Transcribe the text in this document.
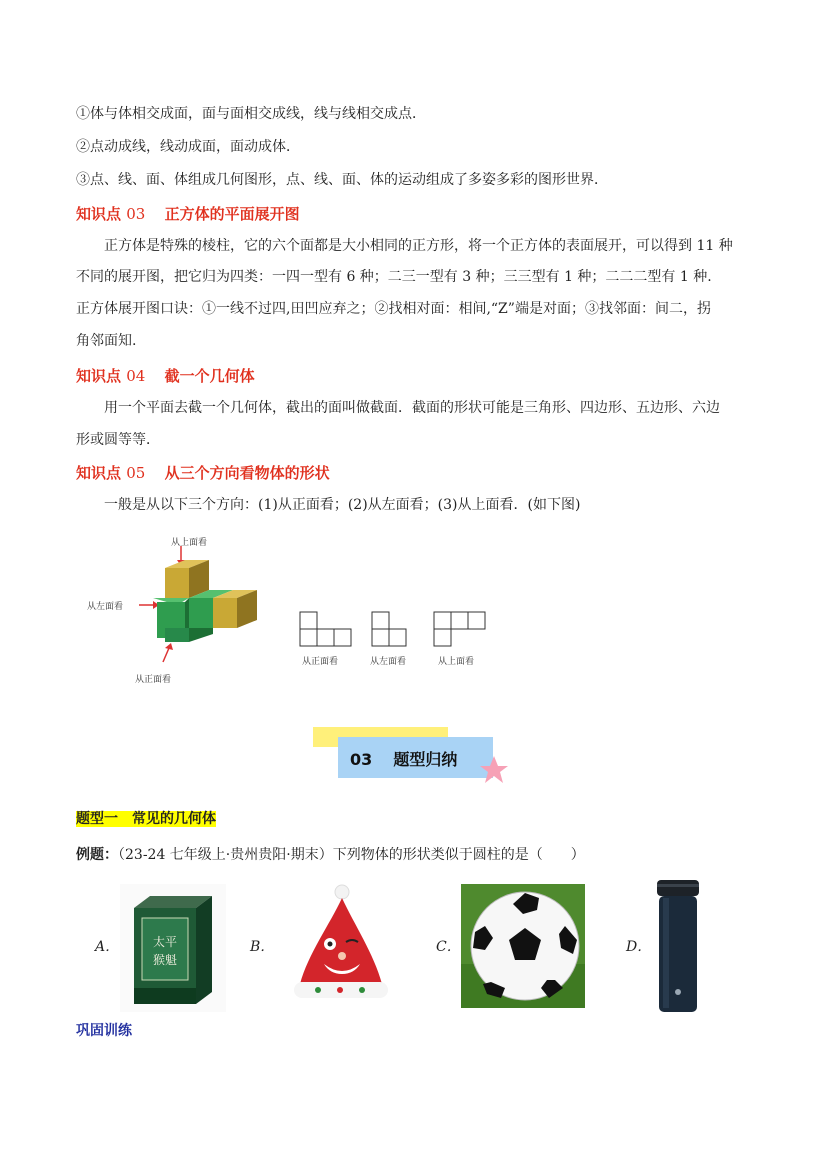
①体与体相交成面，面与面相交成线，线与线相交成点．
②点动成线，线动成面，面动成体．
③点、线、面、体组成几何图形，点、线、面、体的运动组成了多姿多彩的图形世界．
知识点 03 正方体的平面展开图
正方体是特殊的棱柱，它的六个面都是大小相同的正方形，将一个正方体的表面展开，可以得到 11 种
不同的展开图，把它归为四类：一四一型有 6 种；二三一型有 3 种；三三型有 1 种；二二二型有 1 种.
正方体展开图口诀：①一线不过四,田凹应弃之；②找相对面：相间,“Z”端是对面；③找邻面：间二，拐
角邻面知.
知识点 04 截一个几何体
用一个平面去截一个几何体，截出的面叫做截面．截面的形状可能是三角形、四边形、五边形、六边
形或圆等等．
知识点 05 从三个方向看物体的形状
一般是从以下三个方向：(1)从正面看；(2)从左面看；(3)从上面看．(如下图)
从上面看
从左面看
从正面看
从正面看	从左面看	从上面看
03 题型归纳
题型一　常见的几何体
例题：（23-24 七年级上·贵州贵阳·期末）下列物体的形状类似于圆柱的是（　　）
A．	太平
猴魁
B．	C．	D．
巩固训练
